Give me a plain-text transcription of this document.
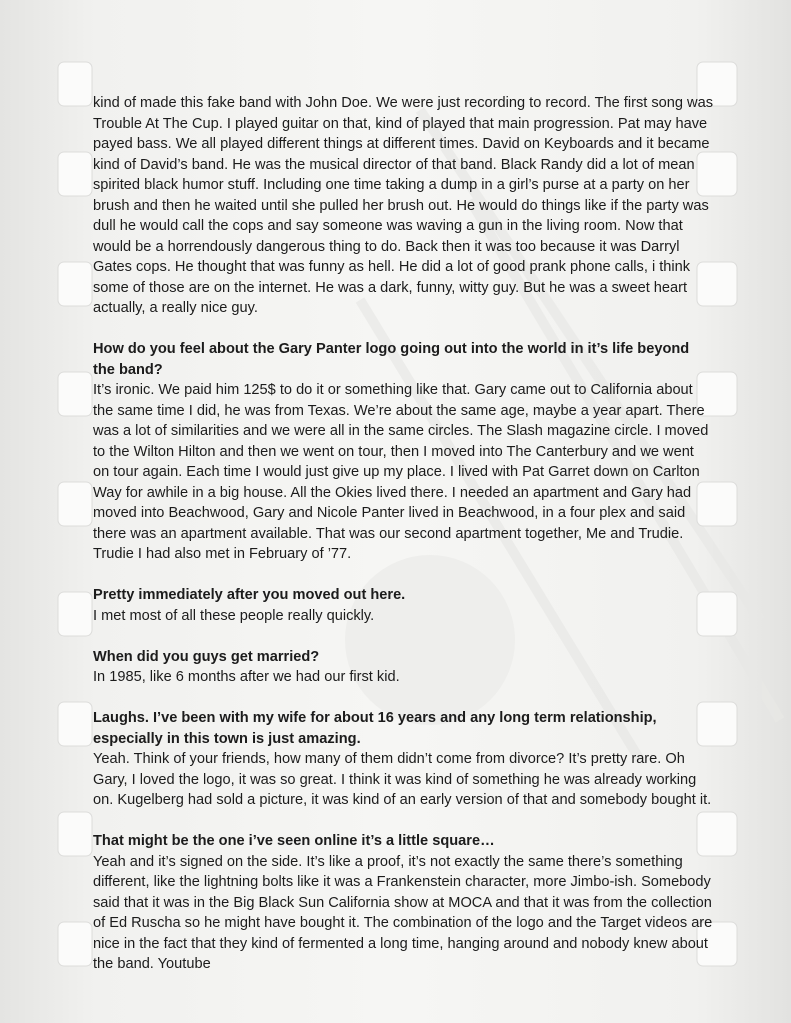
kind of made this fake band with John Doe. We were just recording to record. The first song was Trouble At The Cup. I played guitar on that, kind of played that main progression. Pat may have payed bass. We all played different things at different times. David on Keyboards and it became kind of David’s band. He was the musical director of that band. Black Randy did a lot of mean spirited black humor stuff. Including one time taking a dump in a girl’s purse at a party on her brush and then he waited until she pulled her brush out. He would do things like if the party was dull he would call the cops and say someone was waving a gun in the living room. Now that would be a horrendously dangerous thing to do. Back then it was too because it was Darryl Gates cops. He thought that was funny as hell. He did a lot of good prank phone calls, i think some of those are on the internet. He was a dark, funny, witty guy. But he was a sweet heart actually, a really nice guy.

How do you feel about the Gary Panter logo going out into the world in it’s life beyond the band?
It’s ironic. We paid him 125$ to do it or something like that. Gary came out to California about the same time I did, he was from Texas. We’re about the same age, maybe a year apart. There was a lot of similarities and we were all in the same circles. The Slash magazine circle. I moved to the Wilton Hilton and then we went on tour, then I moved into The Canterbury and we went on tour again. Each time I would just give up my place. I lived with Pat Garret down on Carlton Way for awhile in a big house. All the Okies lived there. I needed an apartment and Gary had moved into Beachwood, Gary and Nicole Panter lived in Beachwood, in a four plex and said there was an apartment available. That was our second apartment together, Me and Trudie. Trudie I had also met in February of ’77.

Pretty immediately after you moved out here.
I met most of all these people really quickly.

When did you guys get married?
In 1985, like 6 months after we had our first kid.

Laughs. I’ve been with my wife for about 16 years and any long term relationship, especially in this town is just amazing.
Yeah. Think of your friends, how many of them didn’t come from divorce? It’s pretty rare. Oh Gary, I loved the logo, it was so great. I think it was kind of something he was already working on. Kugelberg had sold a picture, it was kind of an early version of that and somebody bought it.

That might be the one i’ve seen online it’s a little square…
Yeah and it’s signed on the side. It’s like a proof, it’s not exactly the same there’s something different, like the lightning bolts like it was a Frankenstein character, more Jimbo-ish. Somebody said that it was in the Big Black Sun California show at MOCA and that it was from the collection of Ed Ruscha so he might have bought it. The combination of the logo and the Target videos are nice in the fact that they kind of fermented a long time, hanging around and nobody knew about the band. Youtube
